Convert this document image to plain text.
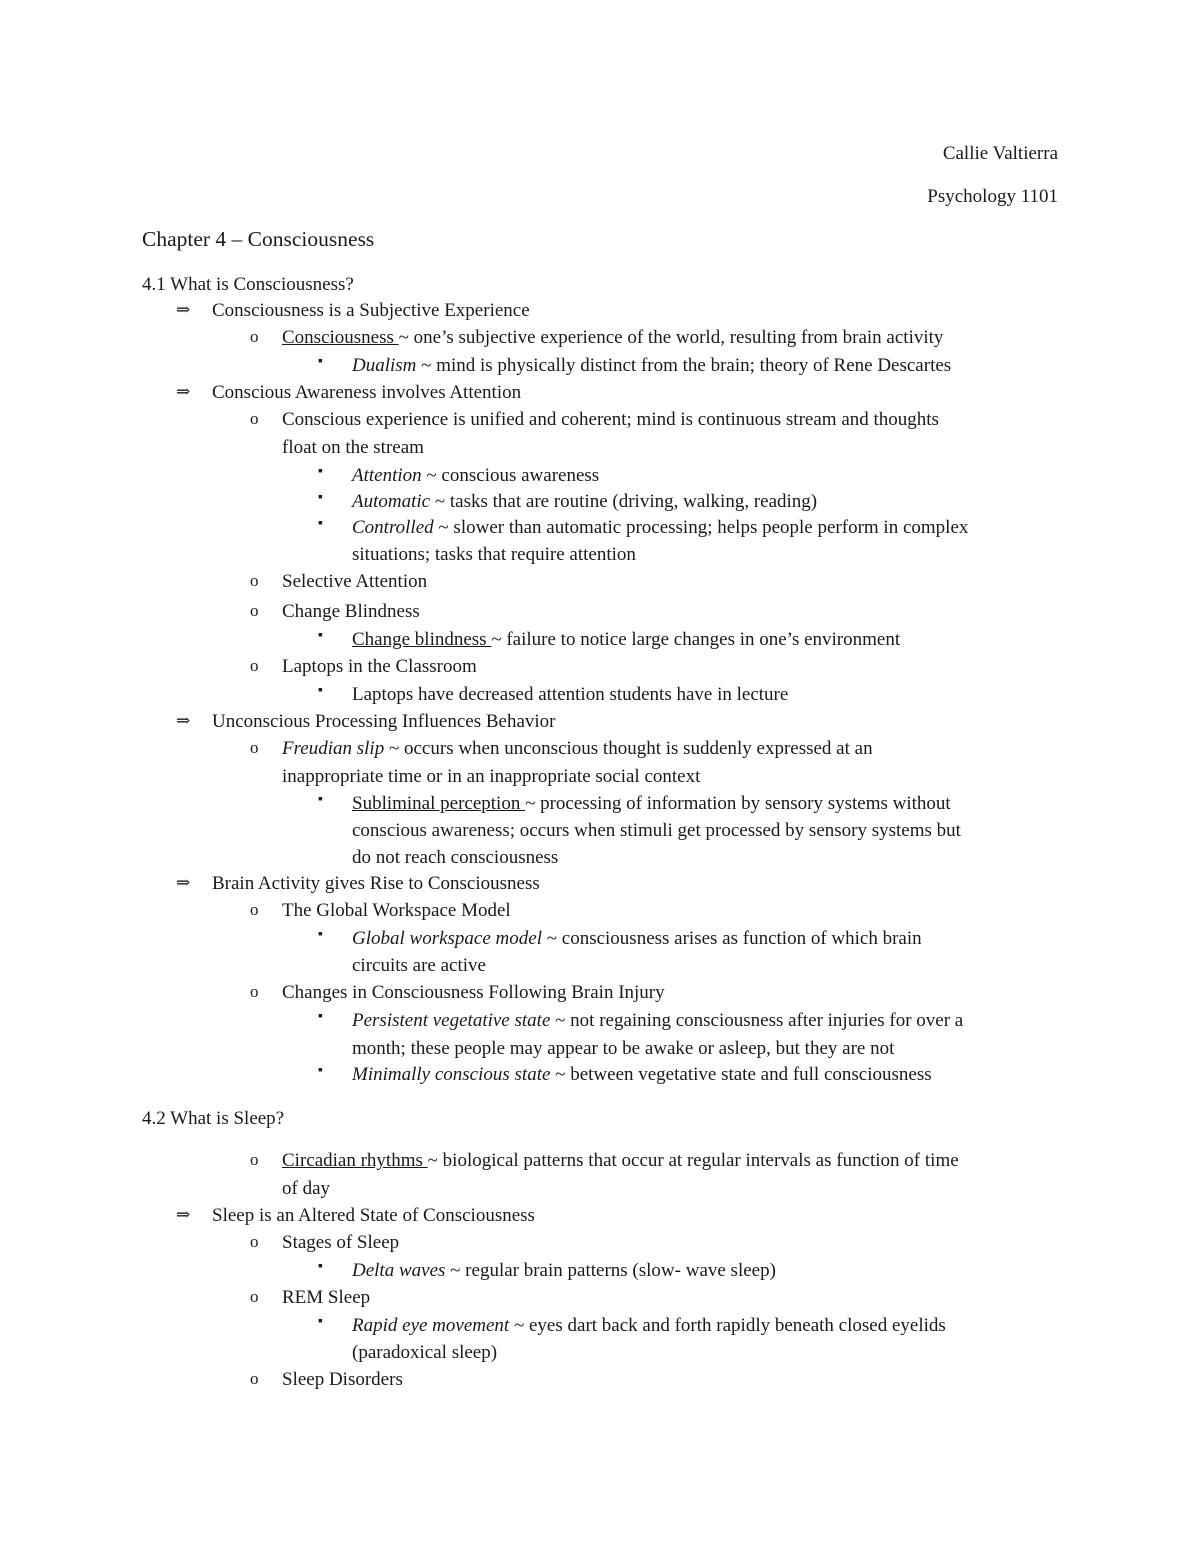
Callie Valtierra
Psychology 1101
Chapter 4 – Consciousness
4.1 What is Consciousness?
⇒ Consciousness is a Subjective Experience
o Consciousness ~ one’s subjective experience of the world, resulting from brain activity
▪ Dualism ~ mind is physically distinct from the brain; theory of Rene Descartes
⇒ Conscious Awareness involves Attention
o Conscious experience is unified and coherent; mind is continuous stream and thoughts
float on the stream
▪ Attention ~ conscious awareness
▪ Automatic ~ tasks that are routine (driving, walking, reading)
▪ Controlled ~ slower than automatic processing; helps people perform in complex
situations; tasks that require attention
o Selective Attention
o Change Blindness
▪ Change blindness ~ failure to notice large changes in one’s environment
o Laptops in the Classroom
▪ Laptops have decreased attention students have in lecture
⇒ Unconscious Processing Influences Behavior
o Freudian slip ~ occurs when unconscious thought is suddenly expressed at an
inappropriate time or in an inappropriate social context
▪ Subliminal perception ~ processing of information by sensory systems without
conscious awareness; occurs when stimuli get processed by sensory systems but
do not reach consciousness
⇒ Brain Activity gives Rise to Consciousness
o The Global Workspace Model
▪ Global workspace model ~ consciousness arises as function of which brain
circuits are active
o Changes in Consciousness Following Brain Injury
▪ Persistent vegetative state ~ not regaining consciousness after injuries for over a
month; these people may appear to be awake or asleep, but they are not
▪ Minimally conscious state ~ between vegetative state and full consciousness
4.2 What is Sleep?
o Circadian rhythms ~ biological patterns that occur at regular intervals as function of time
of day
⇒ Sleep is an Altered State of Consciousness
o Stages of Sleep
▪ Delta waves ~ regular brain patterns (slow- wave sleep)
o REM Sleep
▪ Rapid eye movement ~ eyes dart back and forth rapidly beneath closed eyelids
(paradoxical sleep)
o Sleep Disorders
